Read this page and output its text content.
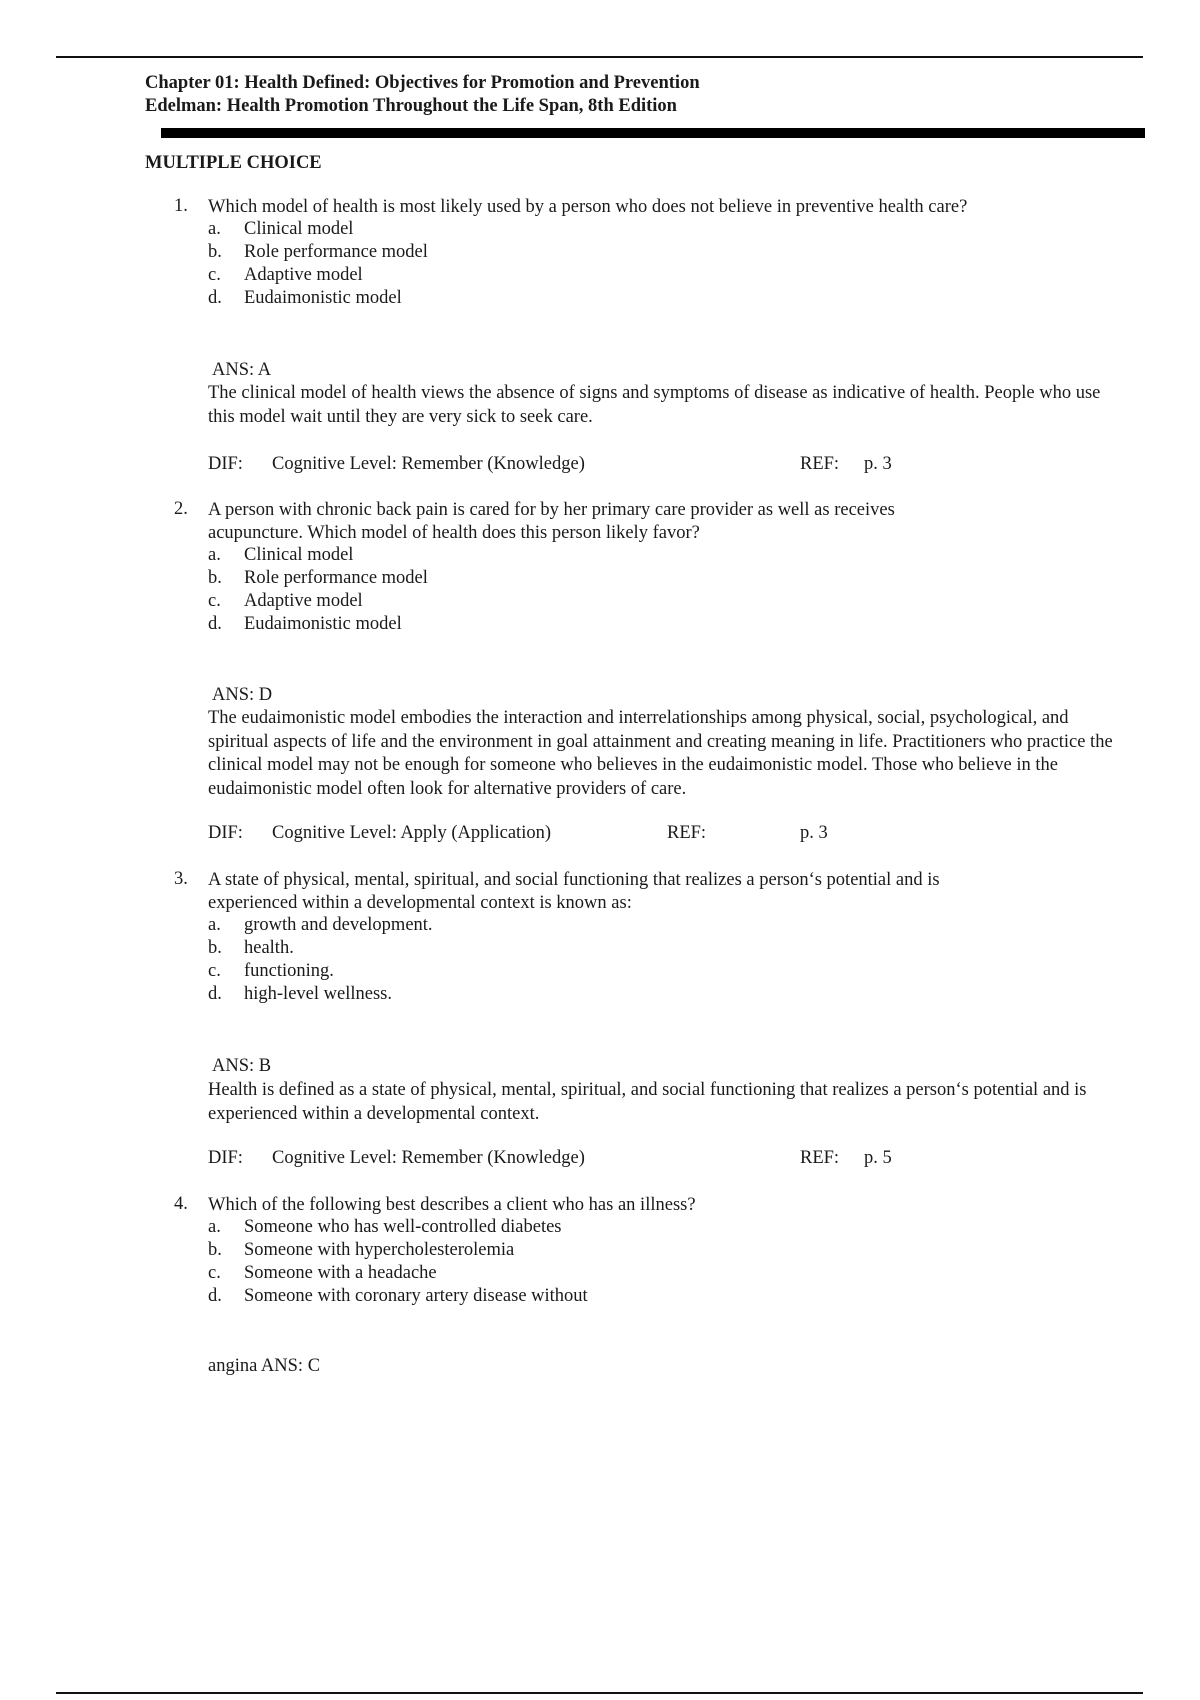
Chapter 01: Health Defined: Objectives for Promotion and Prevention
Edelman: Health Promotion Throughout the Life Span, 8th Edition
MULTIPLE CHOICE
1. Which model of health is most likely used by a person who does not believe in preventive health care?
a. Clinical model
b. Role performance model
c. Adaptive model
d. Eudaimonistic model
ANS: A
The clinical model of health views the absence of signs and symptoms of disease as indicative of health. People who use this model wait until they are very sick to seek care.
DIF: Cognitive Level: Remember (Knowledge)	REF: p. 3
2. A person with chronic back pain is cared for by her primary care provider as well as receives
acupuncture. Which model of health does this person likely favor?
a. Clinical model
b. Role performance model
c. Adaptive model
d. Eudaimonistic model
ANS: D
The eudaimonistic model embodies the interaction and interrelationships among physical, social, psychological, and spiritual aspects of life and the environment in goal attainment and creating meaning in life. Practitioners who practice the clinical model may not be enough for someone who believes in the eudaimonistic model. Those who believe in the eudaimonistic model often look for alternative providers of care.
DIF: Cognitive Level: Apply (Application)	REF:	p. 3
3. A state of physical, mental, spiritual, and social functioning that realizes a person‘s potential and is
experienced within a developmental context is known as:
a. growth and development.
b. health.
c. functioning.
d. high-level wellness.
ANS: B
Health is defined as a state of physical, mental, spiritual, and social functioning that realizes a person‘s potential and is experienced within a developmental context.
DIF: Cognitive Level: Remember (Knowledge)	REF: p. 5
4. Which of the following best describes a client who has an illness?
a. Someone who has well-controlled diabetes
b. Someone with hypercholesterolemia
c. Someone with a headache
d. Someone with coronary artery disease without
angina ANS: C
